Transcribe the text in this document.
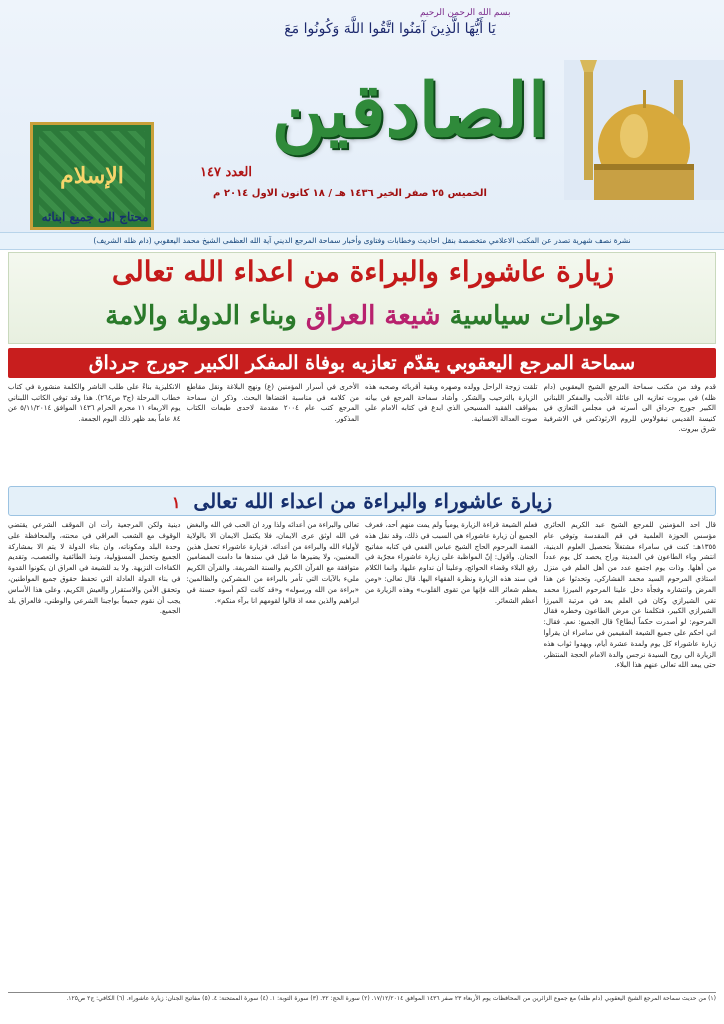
بسم الله الرحمن الرحيم
يَا أَيُّهَا الَّذِينَ آمَنُوا اتَّقُوا اللَّهَ وَكُونُوا مَعَ
الصادقين
العدد ١٤٧
الخميس ٢٥ صفر الخير ١٤٣٦ هـ / ١٨ كانون الاول ٢٠١٤ م
الإسلام
محتاج الى جميع ابنائه
نشرة نصف شهرية تصدر عن المكتب الاعلامي متخصصة بنقل احاديث وخطابات وفتاوى وأخبار سماحة المرجع الديني آية الله العظمى الشيخ محمد اليعقوبي (دام ظله الشريف)
زيارة عاشوراء والبراءة من اعداء الله تعالى
حوارات سياسية شيعة العراق وبناء الدولة والامة
سماحة المرجع اليعقوبي يقدّم تعازيه بوفاة المفكر الكبير جورج جرداق
قدم وفد من مكتب سماحة المرجع الشيخ اليعقوبي (دام ظله) في بيروت تعازيه الى عائلة الأديب والمفكر اللبناني الكبير جورج جرداق الى أسرته في مجلس التعازي في كنيسة القديس نيقولاوس للروم الارثوذكس في الاشرفية شرق بيروت.
تلقت زوجة الراحل وولده وصهره وبقية أقربائه وصحبه هذه الزيارة بالترحيب والشكر. وأشاد سماحة المرجع في بيانه بمواقف الفقيد المسيحي الذي ابدع في كتابه الامام علي صوت العدالة الانسانية.
الأخرى في أسرار المؤمنين (ع) ونهج البلاغة ونقل مقاطع من كلامه في مناسبة اقتضاها البحث. وذكر ان سماحة المرجع كتب عام ٢٠٠٤ مقدمة لاحدى طبعات الكتاب المذكور.
الانكليزية بناءً على طلب الناشر والكلمة منشورة في كتاب خطاب المرحلة (ج٣ ص٢٦٤). هذا وقد توفي الكاتب اللبناني يوم الاربعاء ١١ محرم الحرام ١٤٣٦ الموافق ٥/١١/٢٠١٤ عن ٨٤ عاماً بعد ظهر ذلك اليوم الجمعة.
زيارة عاشوراء والبراءة من اعداء الله تعالى ١
قال احد المؤمنين للمرجع الشيخ عبد الكريم الحائري مؤسس الحوزة العلمية في قم المقدسة وتوفي عام ١٣٥٥هـ: كنت في سامراء مشتغلاً بتحصيل العلوم الدينية، انتشر وباء الطاعون في المدينة وراح يحصد كل يوم عدداً من أهلها. وذات يوم اجتمع عدد من أهل العلم في منزل استاذي المرحوم السيد محمد الفشاركي، وتحدثوا عن هذا المرض وانتشاره وفجأة دخل علينا المرحوم الميرزا محمد تقي الشيرازي وكان في العلم يعد في مرتبة الميرزا الشيرازي الكبير، فتكلمنا عن مرض الطاعون وخطره فقال المرحوم: لو أصدرت حكماً أيطاع؟ قال الجميع: نعم. فقال: اني احكم على جميع الشيعة المقيمين في سامراء ان يقرأوا زيارة عاشوراء كل يوم ولمدة عشرة أيام، ويهدوا ثواب هذه الزيارة الى روح السيدة نرجس والدة الامام الحجة المنتظر، حتى يبعد الله تعالى عنهم هذا البلاء.
فعلم الشيعة قراءة الزيارة يومياً ولم يمت منهم أحد، فعرف الجميع أن زيارة عاشوراء هي السبب في ذلك، وقد نقل هذه القصة المرحوم الحاج الشيخ عباس القمي في كتابه مفاتيح الجنان. وأقول: إنّ المواظبة على زيارة عاشوراء مجرّبة في رفع البلاء وقضاء الحوائج، وعلينا أن نداوم عليها، وانما الكلام في سند هذه الزيارة ونظرة الفقهاء اليها. قال تعالى: «ومن يعظم شعائر الله فإنها من تقوى القلوب» وهذه الزيارة من أعظم الشعائر.
تعالى والبراءة من أعدائه ولذا ورد ان الحب في الله والبغض في الله اوثق عرى الايمان، فلا يكتمل الايمان الا بالولاية لأولياء الله والبراءة من أعدائه. فزيارة عاشوراء تحمل هذين المعنيين، ولا يضيرها ما قيل في سندها ما دامت المضامين متوافقة مع القرآن الكريم والسنة الشريفة. والقرآن الكريم مليء بالآيات التي تأمر بالبراءة من المشركين والظالمين: «براءة من الله ورسوله» و«قد كانت لكم أسوة حسنة في ابراهيم والذين معه اذ قالوا لقومهم انا برآء منكم».
دينية ولكن المرجعية رأت ان الموقف الشرعي يقتضي الوقوف مع الشعب العراقي في محنته، والمحافظة على وحدة البلد ومكوناته، وان بناء الدولة لا يتم الا بمشاركة الجميع وتحمل المسؤولية، ونبذ الطائفية والتعصب، وتقديم الكفاءات النزيهة. ولا بد للشيعة في العراق ان يكونوا القدوة في بناء الدولة العادلة التي تحفظ حقوق جميع المواطنين، وتحقق الأمن والاستقرار والعيش الكريم، وعلى هذا الأساس يجب أن نقوم جميعاً بواجبنا الشرعي والوطني، فالعراق بلد الجميع.
(١) من حديث سماحة المرجع الشيخ اليعقوبي (دام ظله) مع جموع الزائرين من المحافظات يوم الأربعاء ٢٣ صفر ١٤٣٦ الموافق ١٧/١٢/٢٠١٤. (٢) سورة الحج: ٣٢. (٣) سورة التوبة: ١. (٤) سورة الممتحنة: ٤. (٥) مفاتيح الجنان: زيارة عاشوراء. (٦) الكافي: ج٢ ص١٢٥.
